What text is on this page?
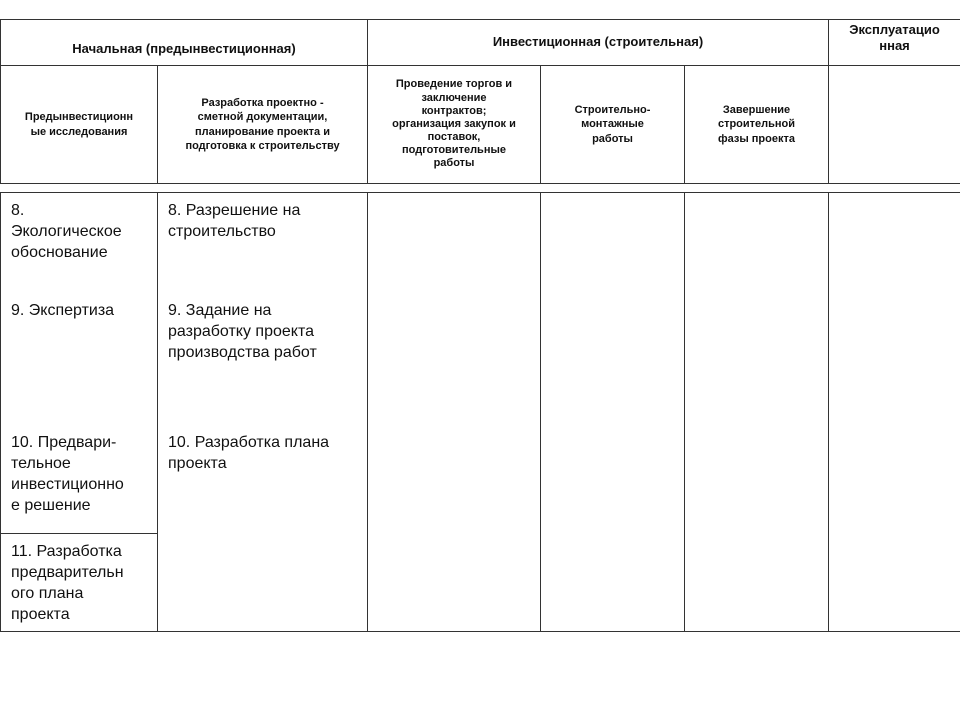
Начальная (предынвестиционная)	Инвестиционная (строительная)
Эксплуатацио
нная
Предынвестиционн
ые исследования
Разработка проектно -
сметной документации,
планирование проекта и
подготовка к строительству
Проведение торгов и
заключение
контрактов;
организация закупок и
поставок,
подготовительные
работы
Строительно-
монтажные
работы
Завершение
строительной
фазы проекта
8.
Экологическое
обоснование
9. Экспертиза
10. Предвари-
тельное
инвестиционно
е решение
11. Разработка
предварительн
ого плана
проекта
8. Разрешение на
строительство
9. Задание на
разработку проекта
производства работ
10. Разработка плана
проекта
